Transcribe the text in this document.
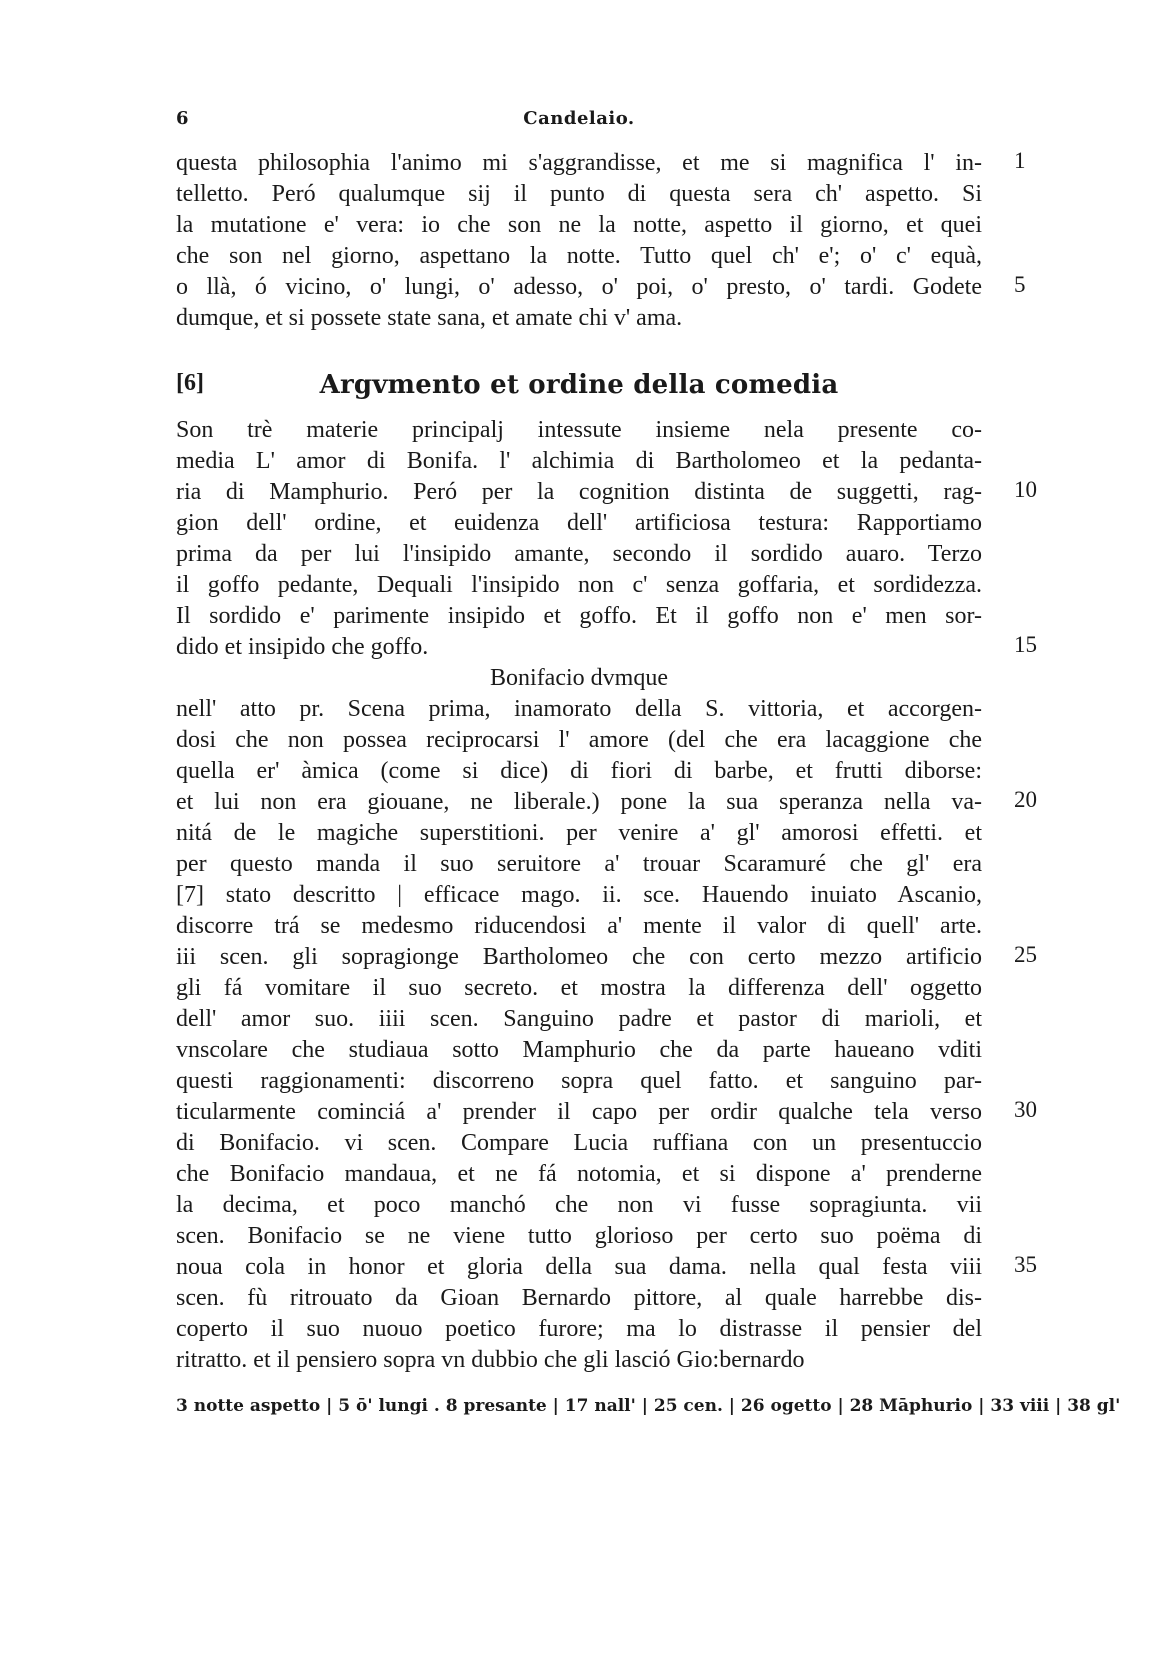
6	Candelaio.
questa philosophia l'animo mi s'aggrandisse, et me si magnifica l' in- 1
telletto. Peró qualumque sij il punto di questa sera ch' aspetto. Si
la mutatione e' vera: io che son ne la notte, aspetto il giorno, et quei
che son nel giorno, aspettano la notte. Tutto quel ch' e'; o' c' equà,
o llà, ó vicino, o' lungi, o' adesso, o' poi, o' presto, o' tardi. Godete 5
dumque, et si possete state sana, et amate chi v' ama.
[6]	Argvmento et ordine della comedia
Son trè materie principalj intessute insieme nela presente co-
media L' amor di Bonifa. l' alchimia di Bartholomeo et la pedanta-
ria di Mamphurio. Peró per la cognition distinta de suggetti, rag- 10
gion dell' ordine, et euidenza dell' artificiosa testura: Rapportiamo
prima da per lui l'insipido amante, secondo il sordido auaro. Terzo
il goffo pedante, Dequali l'insipido non c' senza goffaria, et sordidezza.
Il sordido e' parimente insipido et goffo. Et il goffo non e' men sor-
dido et insipido che goffo.	15
Bonifacio dvmque
nell' atto pr. Scena prima, inamorato della S. vittoria, et accorgen-
dosi che non possea reciprocarsi l' amore (del che era lacaggione che
quella er' àmica (come si dice) di fiori di barbe, et frutti diborse:
et lui non era giouane, ne liberale.) pone la sua speranza nella va- 20
nitá de le magiche superstitioni. per venire a' gl' amorosi effetti. et
per questo manda il suo seruitore a' trouar Scaramuré che gl' era
[7] stato descritto | efficace mago. ii. sce. Hauendo inuiato Ascanio,
discorre trá se medesmo riducendosi a' mente il valor di quell' arte.
iii scen. gli sopragionge Bartholomeo che con certo mezzo artificio 25
gli fá vomitare il suo secreto. et mostra la differenza dell' oggetto
dell' amor suo. iiii scen. Sanguino padre et pastor di marioli, et
vnscolare che studiaua sotto Mamphurio che da parte haueano vditi
questi raggionamenti: discorreno sopra quel fatto. et sanguino par-
ticularmente cominciá a' prender il capo per ordir qualche tela verso 30
di Bonifacio. vi scen. Compare Lucia ruffiana con un presentuccio
che Bonifacio mandaua, et ne fá notomia, et si dispone a' prenderne
la decima, et poco manchó che non vi fusse sopragiunta. vii
scen. Bonifacio se ne viene tutto glorioso per certo suo poëma di
noua cola in honor et gloria della sua dama. nella qual festa viii 35
scen. fù ritrouato da Gioan Bernardo pittore, al quale harrebbe dis-
coperto il suo nuouo poetico furore; ma lo distrasse il pensier del
ritratto. et il pensiero sopra vn dubbio che gli lasció Gio:bernardo
3 notte aspetto | 5 ō' lungi . 8 presante | 17 nall' | 25 cen. | 26 ogetto | 28 Māphurio | 33 viii | 38 gl'
